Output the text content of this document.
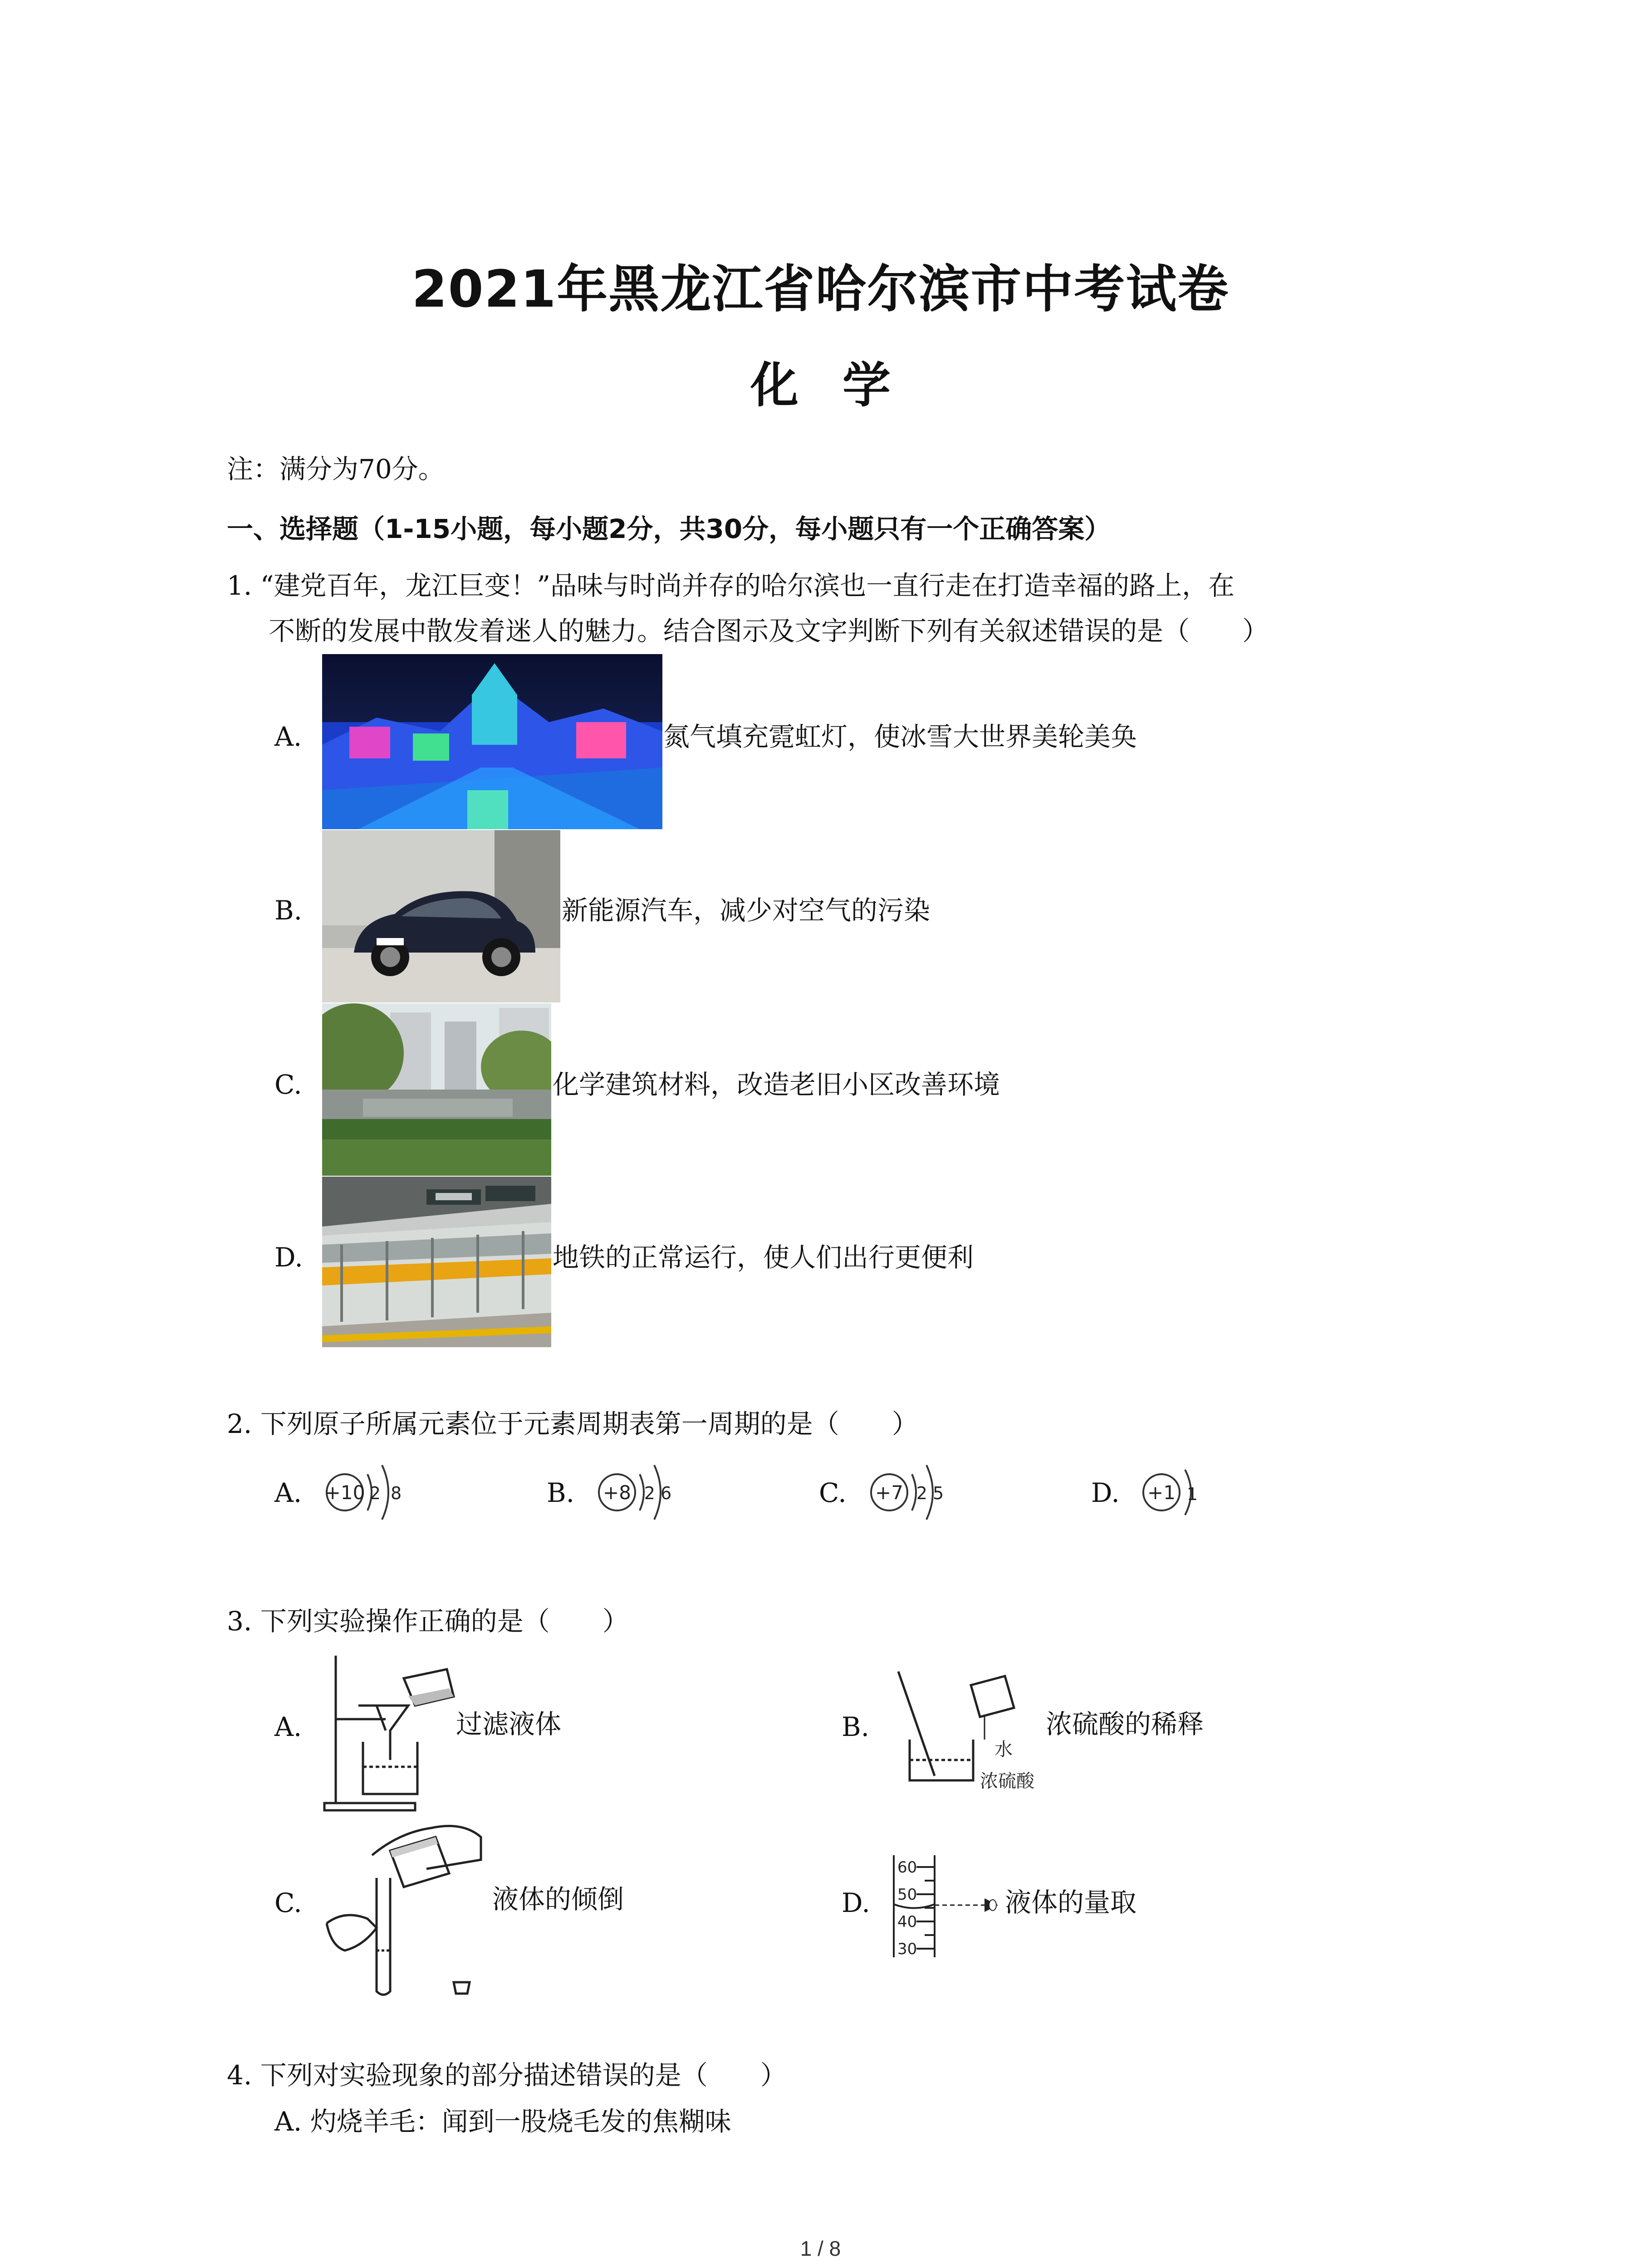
2021年黑龙江省哈尔滨市中考试卷
化 学
注：满分为70分。
一、选择题（1-15小题，每小题2分，共30分，每小题只有一个正确答案）
1. “建党百年，龙江巨变！”品味与时尚并存的哈尔滨也一直行走在打造幸福的路上，在
不断的发展中散发着迷人的魅力。结合图示及文字判断下列有关叙述错误的是（　　）
A.	氮气填充霓虹灯，使冰雪大世界美轮美奂
B.	新能源汽车，减少对空气的污染
C.	化学建筑材料，改造老旧小区改善环境
D.	地铁的正常运行，使人们出行更便利
2. 下列原子所属元素位于元素周期表第一周期的是（　　）
A. +10 2 8	B. +8 2 6	C. +7 2 5	D. +1 1
3. 下列实验操作正确的是（　　）
A.	过滤液体	B.
水
浓硫酸
浓硫酸的稀释
C.	液体的倾倒	D.
60
50
40
30
液体的量取
4. 下列对实验现象的部分描述错误的是（　　）
A. 灼烧羊毛：闻到一股烧毛发的焦糊味
1 / 8
